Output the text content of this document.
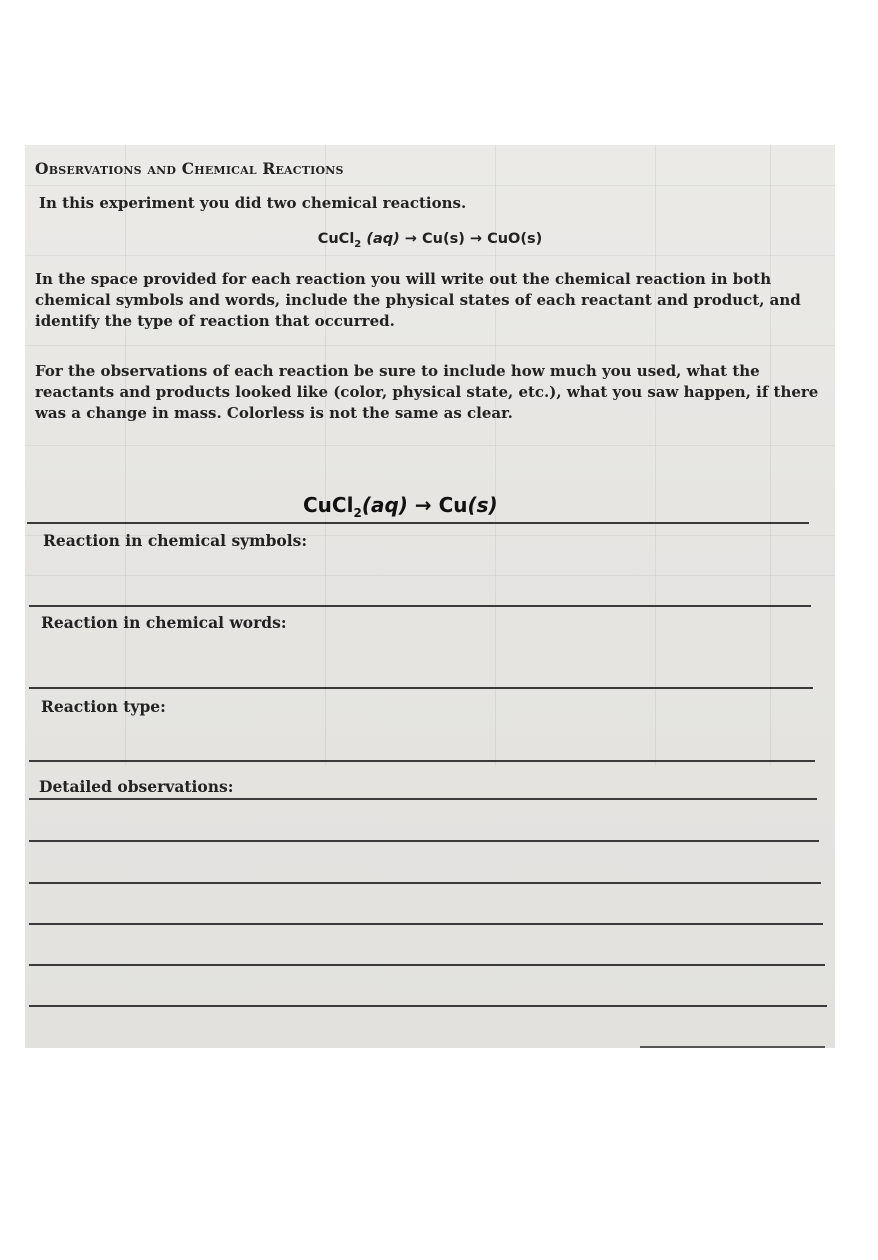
Observations and Chemical Reactions
In this experiment you did two chemical reactions.
CuCl$_2$ (aq) → Cu(s) → CuO(s)
In the space provided for each reaction you will write out the chemical reaction in both chemical symbols and words, include the physical states of each reactant and product, and identify the type of reaction that occurred.
For the observations of each reaction be sure to include how much you used, what the reactants and products looked like (color, physical state, etc.), what you saw happen, if there was a change in mass. Colorless is not the same as clear.
CuCl$_2$(aq) → Cu(s)
Reaction in chemical symbols:
Reaction in chemical words:
Reaction type:
Detailed observations:
